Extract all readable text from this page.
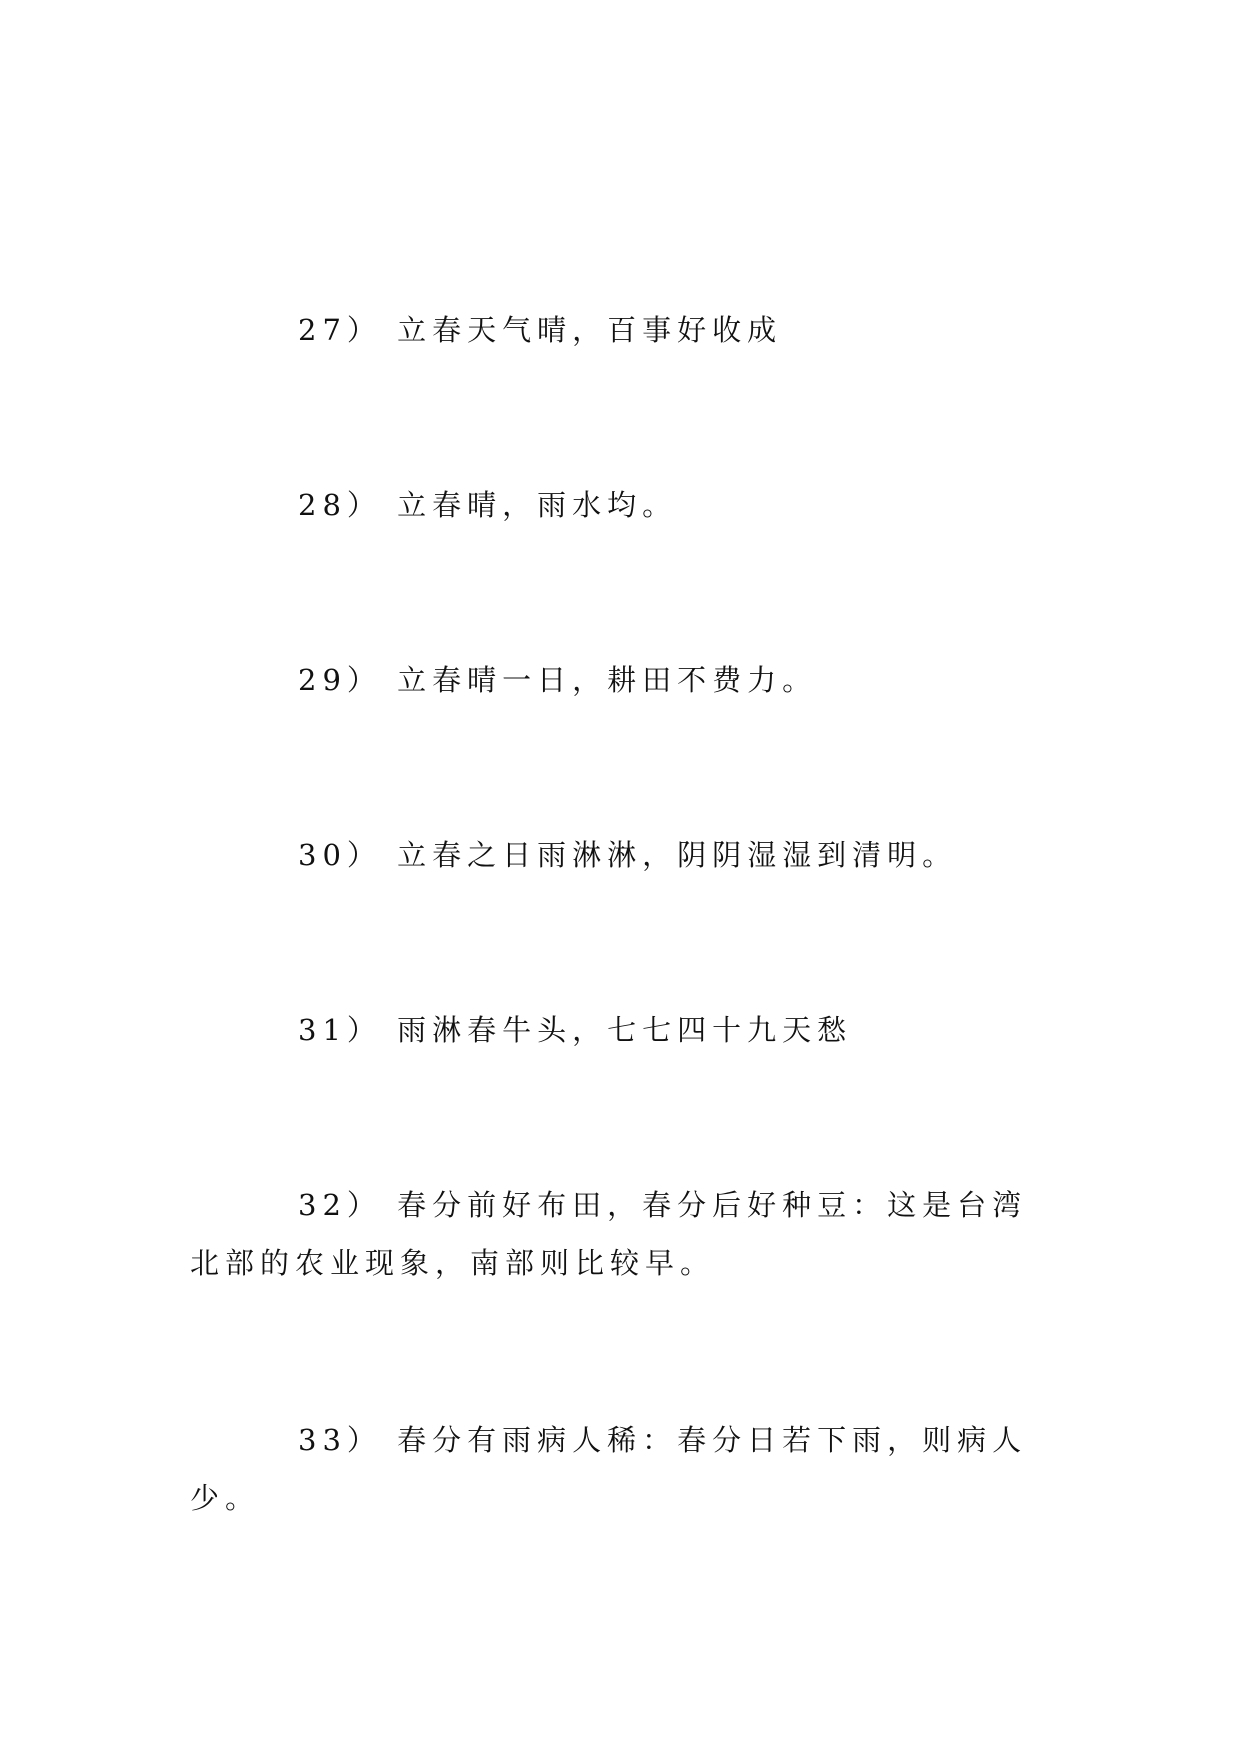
27） 立春天气晴，百事好收成

28） 立春晴，雨水均。

29） 立春晴一日，耕田不费力。

30） 立春之日雨淋淋，阴阴湿湿到清明。

31） 雨淋春牛头，七七四十九天愁

32） 春分前好布田，春分后好种豆：这是台湾北部的农业现象，南部则比较早。

33） 春分有雨病人稀：春分日若下雨，则病人少。
